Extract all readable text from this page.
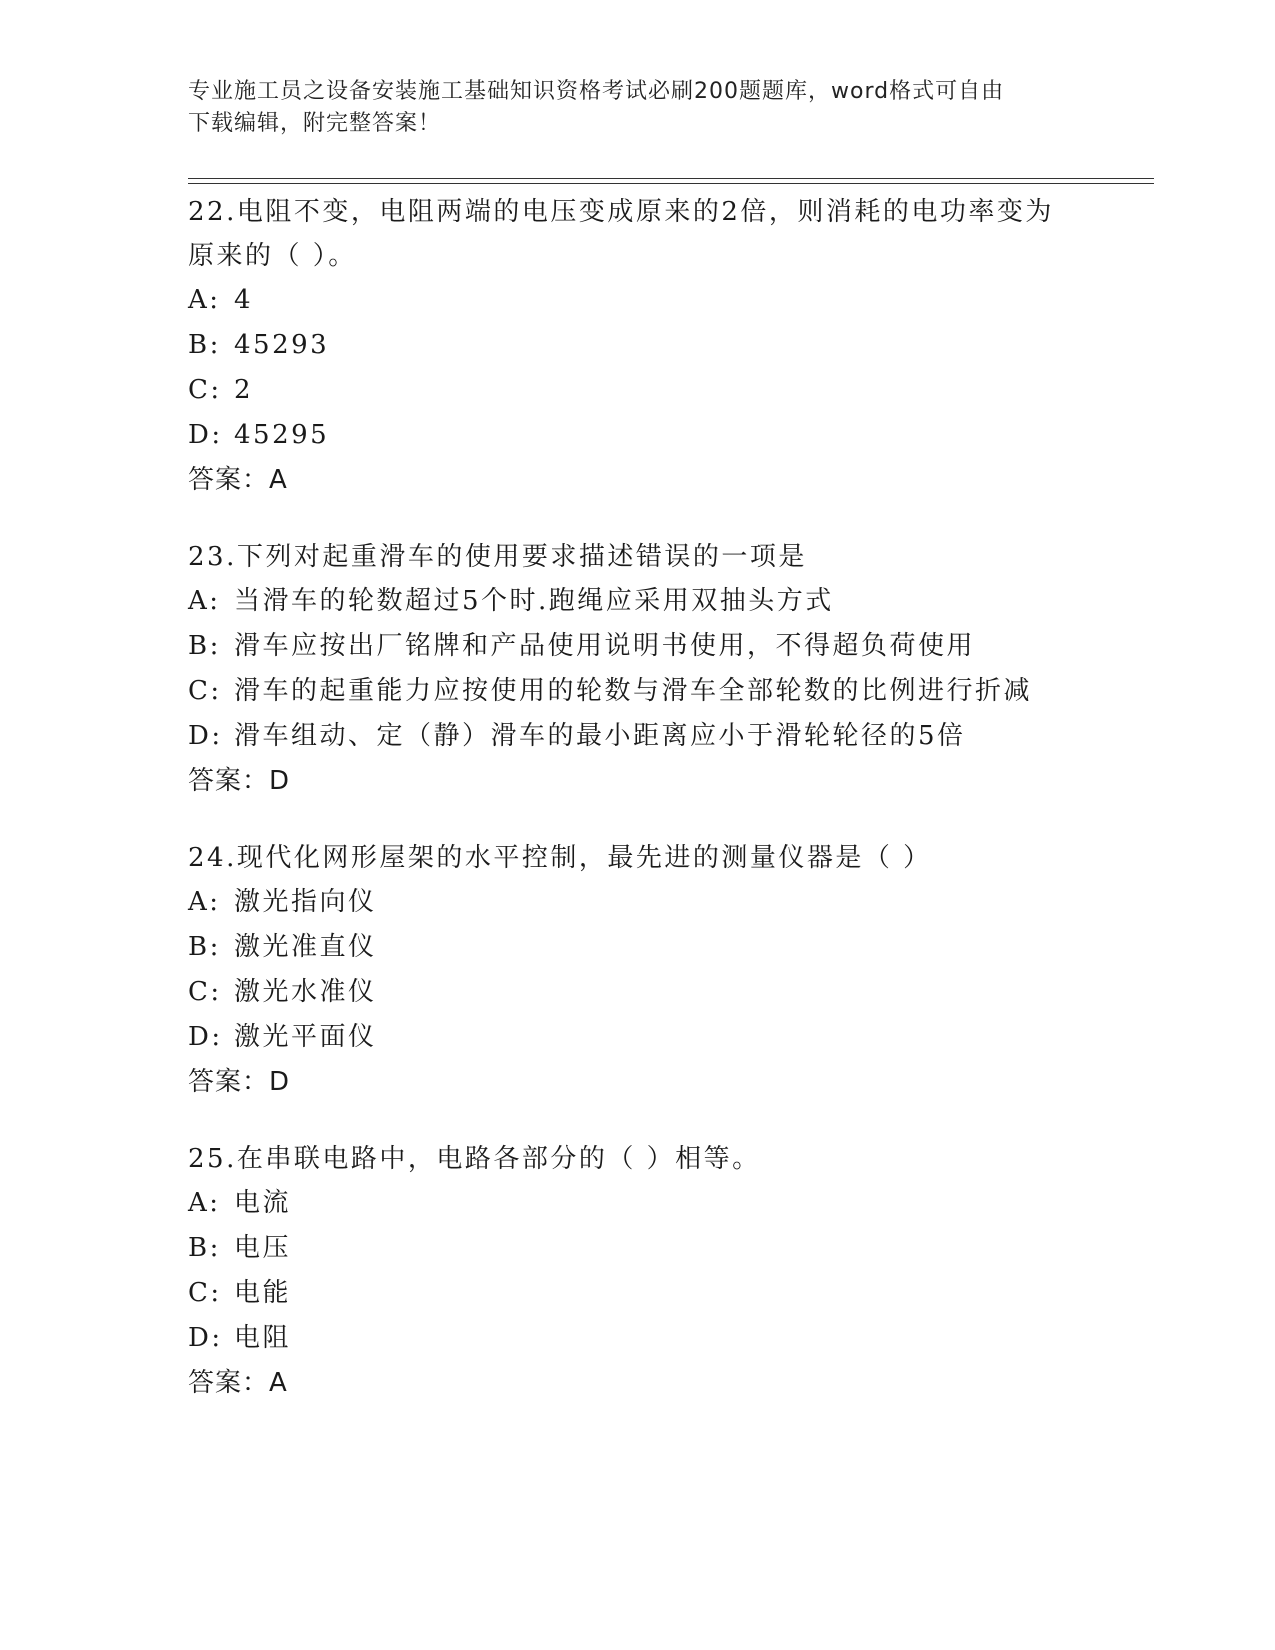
专业施工员之设备安装施工基础知识资格考试必刷200题题库，word格式可自由
下载编辑，附完整答案！

22.电阻不变，电阻两端的电压变成原来的2倍，则消耗的电功率变为

原来的（ ）。

A: 4

B: 45293

C: 2

D: 45295

答案：A

23.下列对起重滑车的使用要求描述错误的一项是

A: 当滑车的轮数超过5个时.跑绳应采用双抽头方式

B: 滑车应按出厂铭牌和产品使用说明书使用，不得超负荷使用

C: 滑车的起重能力应按使用的轮数与滑车全部轮数的比例进行折减

D: 滑车组动、定（静）滑车的最小距离应小于滑轮轮径的5倍

答案：D

24.现代化网形屋架的水平控制，最先进的测量仪器是（ ）

A: 激光指向仪

B: 激光准直仪

C: 激光水准仪

D: 激光平面仪

答案：D

25.在串联电路中，电路各部分的（ ）相等。

A: 电流

B: 电压

C: 电能

D: 电阻

答案：A
